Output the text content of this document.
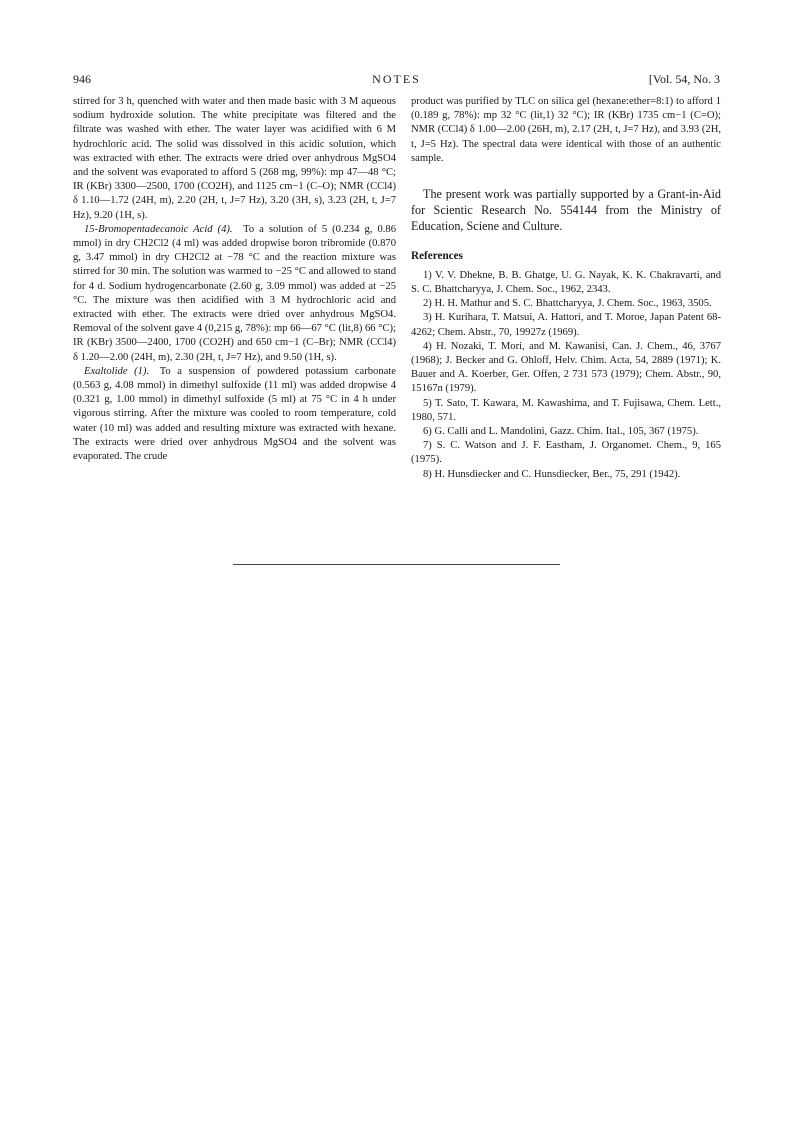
946	NOTES	[Vol. 54, No. 3

stirred for 3 h, quenched with water and then made basic with 3 M aqueous sodium hydroxide solution. The white precipitate was filtered and the filtrate was washed with ether. The water layer was acidified with 6 M hydrochloric acid. The solid was dissolved in this acidic solution, which was extracted with ether. The extracts were dried over anhydrous MgSO4 and the solvent was evaporated to afford 5 (268 mg, 99%): mp 47—48 °C; IR (KBr) 3300—2500, 1700 (CO2H), and 1125 cm−1 (C–O); NMR (CCl4) δ 1.10—1.72 (24H, m), 2.20 (2H, t, J=7 Hz), 3.20 (3H, s), 3.23 (2H, t, J=7 Hz), 9.20 (1H, s).

15-Bromopentadecanoic Acid (4).  To a solution of 5 (0.234 g, 0.86 mmol) in dry CH2Cl2 (4 ml) was added dropwise boron tribromide (0.870 g, 3.47 mmol) in dry CH2Cl2 at −78 °C and the reaction mixture was stirred for 30 min. The solution was warmed to −25 °C and allowed to stand for 4 d. Sodium hydrogencarbonate (2.60 g, 3.09 mmol) was added at −25 °C. The mixture was then acidified with 3 M hydrochloric acid and extracted with ether. The extracts were dried over anhydrous MgSO4. Removal of the solvent gave 4 (0,215 g, 78%): mp 66—67 °C (lit,8) 66 °C); IR (KBr) 3500—2400, 1700 (CO2H) and 650 cm−1 (C–Br); NMR (CCl4) δ 1.20—2.00 (24H, m), 2.30 (2H, t, J=7 Hz), and 9.50 (1H, s).

Exaltolide (1).  To a suspension of powdered potassium carbonate (0.563 g, 4.08 mmol) in dimethyl sulfoxide (11 ml) was added dropwise 4 (0.321 g, 1.00 mmol) in dimethyl sulfoxide (5 ml) at 75 °C in 4 h under vigorous stirring. After the mixture was cooled to room temperature, cold water (10 ml) was added and resulting mixture was extracted with hexane. The extracts were dried over anhydrous MgSO4 and the solvent was evaporated. The crude

product was purified by TLC on silica gel (hexane:ether=8:1) to afford 1 (0.189 g, 78%): mp 32 °C (lit,1) 32 °C); IR (KBr) 1735 cm−1 (C=O); NMR (CCl4) δ 1.00—2.00 (26H, m), 2.17 (2H, t, J=7 Hz), and 3.93 (2H, t, J=5 Hz). The spectral data were identical with those of an authentic sample.

The present work was partially supported by a Grant-in-Aid for Scientic Research No. 554144 from the Ministry of Education, Sciene and Culture.

References

1) V. V. Dhekne, B. B. Ghatge, U. G. Nayak, K. K. Chakravarti, and S. C. Bhattcharyya, J. Chem. Soc., 1962, 2343.

2) H. H. Mathur and S. C. Bhattcharyya, J. Chem. Soc., 1963, 3505.

3) H. Kurihara, T. Matsui, A. Hattori, and T. Moroe, Japan Patent 68-4262; Chem. Abstr., 70, 19927z (1969).

4) H. Nozaki, T. Mori, and M. Kawanisi, Can. J. Chem., 46, 3767 (1968); J. Becker and G. Ohloff, Helv. Chim. Acta, 54, 2889 (1971); K. Bauer and A. Koerber, Ger. Offen, 2 731 573 (1979); Chem. Abstr., 90, 15167n (1979).

5) T. Sato, T. Kawara, M. Kawashima, and T. Fujisawa, Chem. Lett., 1980, 571.

6) G. Calli and L. Mandolini, Gazz. Chim. Ital., 105, 367 (1975).

7) S. C. Watson and J. F. Eastham, J. Organomet. Chem., 9, 165 (1975).

8) H. Hunsdiecker and C. Hunsdiecker, Ber., 75, 291 (1942).
